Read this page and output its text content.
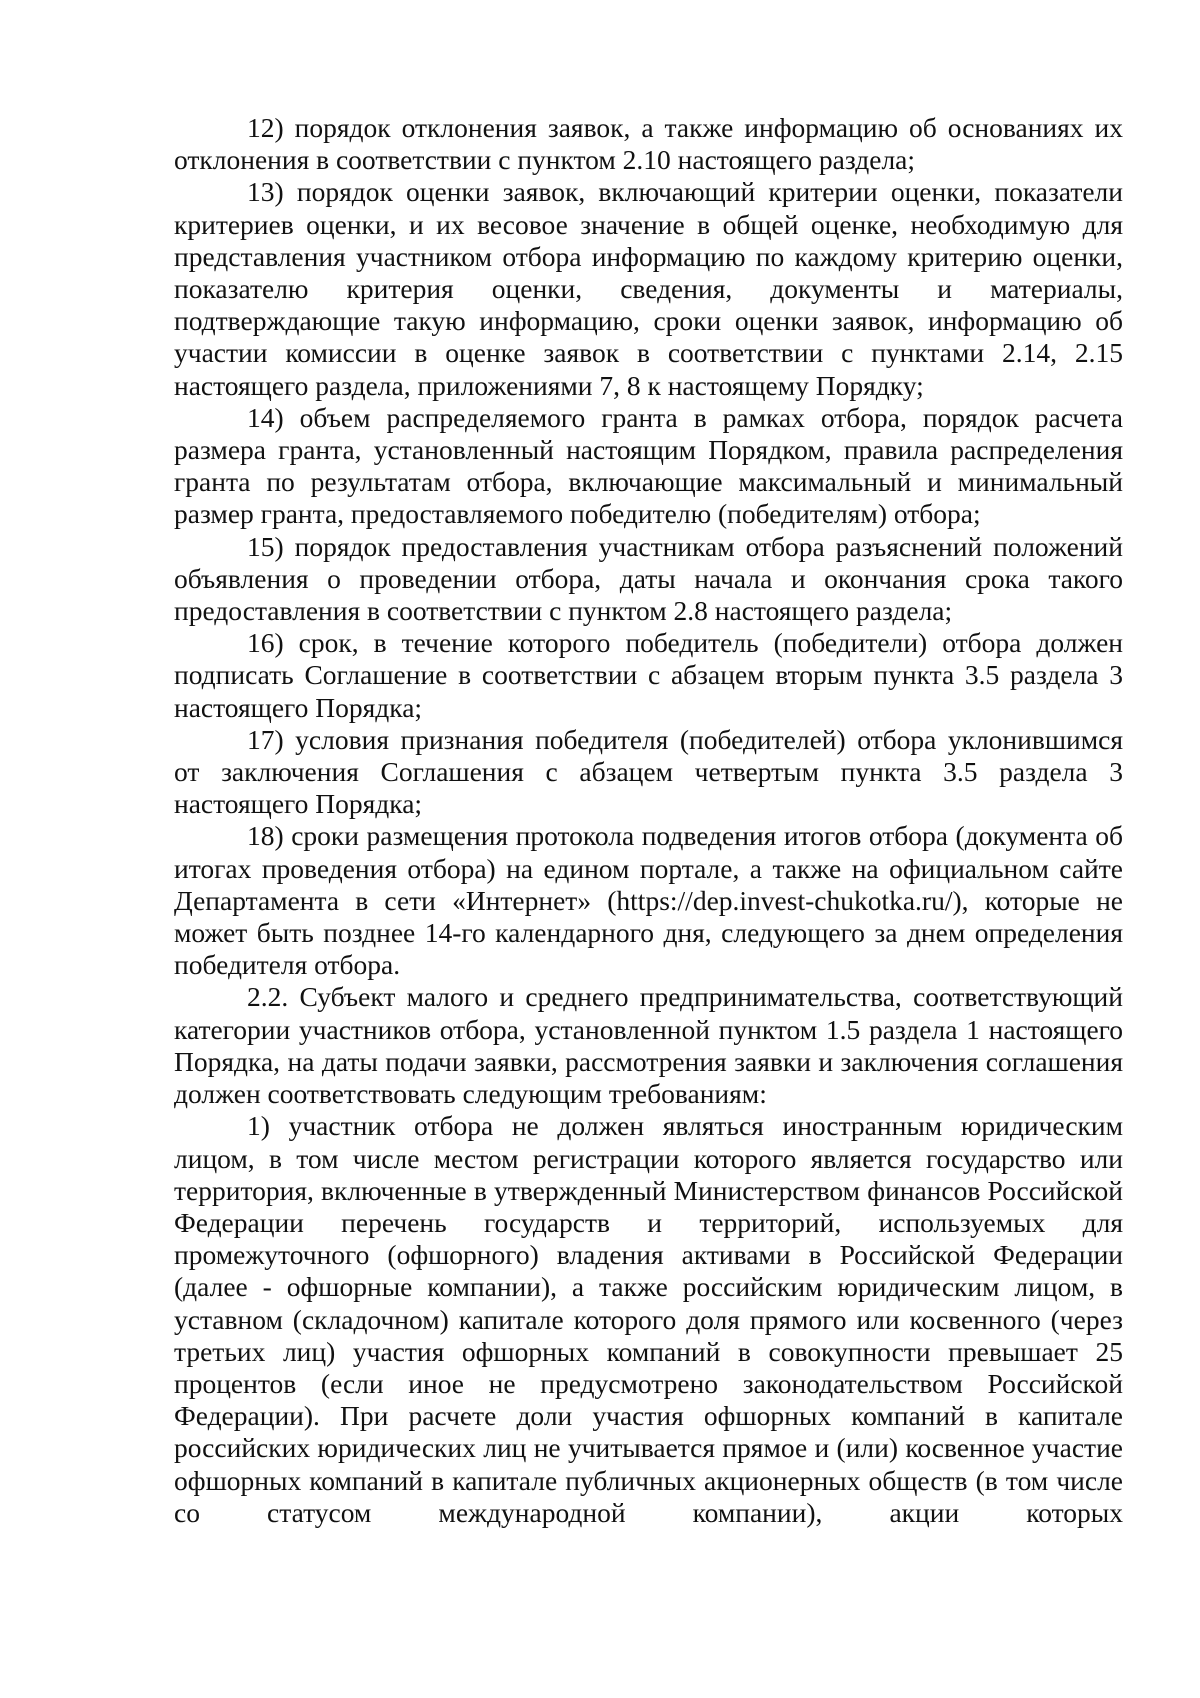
12) порядок отклонения заявок, а также информацию об основаниях их отклонения в соответствии с пунктом 2.10 настоящего раздела;

13) порядок оценки заявок, включающий критерии оценки, показатели критериев оценки, и их весовое значение в общей оценке, необходимую для представления участником отбора информацию по каждому критерию оценки, показателю критерия оценки, сведения, документы и материалы, подтверждающие такую информацию, сроки оценки заявок, информацию об участии комиссии в оценке заявок в соответствии с пунктами 2.14, 2.15 настоящего раздела, приложениями 7, 8 к настоящему Порядку;

14) объем распределяемого гранта в рамках отбора, порядок расчета размера гранта, установленный настоящим Порядком, правила распределения гранта по результатам отбора, включающие максимальный и минимальный размер гранта, предоставляемого победителю (победителям) отбора;

15) порядок предоставления участникам отбора разъяснений положений объявления о проведении отбора, даты начала и окончания срока такого предоставления в соответствии с пунктом 2.8 настоящего раздела;

16) срок, в течение которого победитель (победители) отбора должен подписать Соглашение в соответствии с абзацем вторым пункта 3.5 раздела 3 настоящего Порядка;

17) условия признания победителя (победителей) отбора уклонившимся от заключения Соглашения с абзацем четвертым пункта 3.5 раздела 3 настоящего Порядка;

18) сроки размещения протокола подведения итогов отбора (документа об итогах проведения отбора) на едином портале, а также на официальном сайте Департамента в сети «Интернет» (https://dep.invest-chukotka.ru/), которые не может быть позднее 14-го календарного дня, следующего за днем определения победителя отбора.

2.2. Субъект малого и среднего предпринимательства, соответствующий категории участников отбора, установленной пунктом 1.5 раздела 1 настоящего Порядка, на даты подачи заявки, рассмотрения заявки и заключения соглашения должен соответствовать следующим требованиям:

1) участник отбора не должен являться иностранным юридическим лицом, в том числе местом регистрации которого является государство или территория, включенные в утвержденный Министерством финансов Российской Федерации перечень государств и территорий, используемых для промежуточного (офшорного) владения активами в Российской Федерации (далее - офшорные компании), а также российским юридическим лицом, в уставном (складочном) капитале которого доля прямого или косвенного (через третьих лиц) участия офшорных компаний в совокупности превышает 25 процентов (если иное не предусмотрено законодательством Российской Федерации). При расчете доли участия офшорных компаний в капитале российских юридических лиц не учитывается прямое и (или) косвенное участие офшорных компаний в капитале публичных акционерных обществ (в том числе со статусом международной компании), акции которых
